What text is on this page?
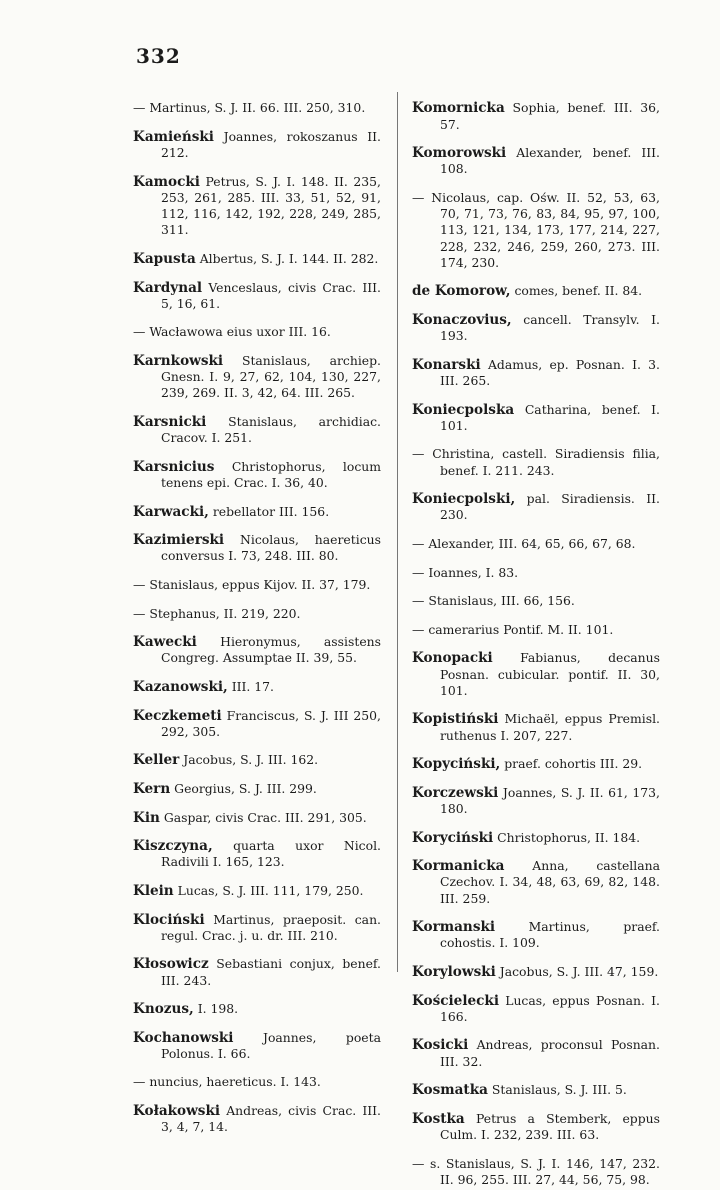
332

— Martinus, S. J. II. 66. III. 250, 310.

Kamieński Joannes, rokoszanus II. 212.

Kamocki Petrus, S. J. I. 148. II. 235, 253, 261, 285. III. 33, 51, 52, 91, 112, 116, 142, 192, 228, 249, 285, 311.

Kapusta Albertus, S. J. I. 144. II. 282.

Kardynal Venceslaus, civis Crac. III. 5, 16, 61.

— Wacławowa eius uxor III. 16.

Karnkowski Stanislaus, archiep. Gnesn. I. 9, 27, 62, 104, 130, 227, 239, 269. II. 3, 42, 64. III. 265.

Karsnicki Stanislaus, archidiac. Cracov. I. 251.

Karsnicius Christophorus, locum tenens epi. Crac. I. 36, 40.

Karwacki, rebellator III. 156.

Kazimierski Nicolaus, haereticus conversus I. 73, 248. III. 80.

— Stanislaus, eppus Kijov. II. 37, 179.

— Stephanus, II. 219, 220.

Kawecki Hieronymus, assistens Congreg. Assumptae II. 39, 55.

Kazanowski, III. 17.

Keczkemeti Franciscus, S. J. III 250, 292, 305.

Keller Jacobus, S. J. III. 162.

Kern Georgius, S. J. III. 299.

Kin Gaspar, civis Crac. III. 291, 305.

Kiszczyna, quarta uxor Nicol. Radivili I. 165, 123.

Klein Lucas, S. J. III. 111, 179, 250.

Klociński Martinus, praeposit. can. regul. Crac. j. u. dr. III. 210.

Kłosowicz Sebastiani conjux, benef. III. 243.

Knozus, I. 198.

Kochanowski Joannes, poeta Polonus. I. 66.

— nuncius, haereticus. I. 143.

Kołakowski Andreas, civis Crac. III. 3, 4, 7, 14.

Komornicka Sophia, benef. III. 36, 57.

Komorowski Alexander, benef. III. 108.

— Nicolaus, cap. Ośw. II. 52, 53, 63, 70, 71, 73, 76, 83, 84, 95, 97, 100, 113, 121, 134, 173, 177, 214, 227, 228, 232, 246, 259, 260, 273. III. 174, 230.

de Komorow, comes, benef. II. 84.

Konaczovius, cancell. Transylv. I. 193.

Konarski Adamus, ep. Posnan. I. 3. III. 265.

Koniecpolska Catharina, benef. I. 101.

— Christina, castell. Siradiensis filia, benef. I. 211. 243.

Koniecpolski, pal. Siradiensis. II. 230.

— Alexander, III. 64, 65, 66, 67, 68.

— Ioannes, I. 83.

— Stanislaus, III. 66, 156.

— camerarius Pontif. M. II. 101.

Konopacki Fabianus, decanus Posnan. cubicular. pontif. II. 30, 101.

Kopistiński Michaël, eppus Premisl. ruthenus I. 207, 227.

Kopyciński, praef. cohortis III. 29.

Korczewski Joannes, S. J. II. 61, 173, 180.

Koryciński Christophorus, II. 184.

Kormanicka Anna, castellana Czechov. I. 34, 48, 63, 69, 82, 148. III. 259.

Kormanski	Martinus, praef. cohostis. I. 109.

Korylowski Jacobus, S. J. III. 47, 159.

Kościelecki Lucas, eppus Posnan. I. 166.

Kosicki Andreas, proconsul Posnan. III. 32.

Kosmatka Stanislaus, S. J. III. 5.

Kostka Petrus a Stemberk, eppus Culm. I. 232, 239. III. 63.

— s. Stanislaus, S. J. I. 146, 147, 232. II. 96, 255. III. 27, 44, 56, 75, 98.
